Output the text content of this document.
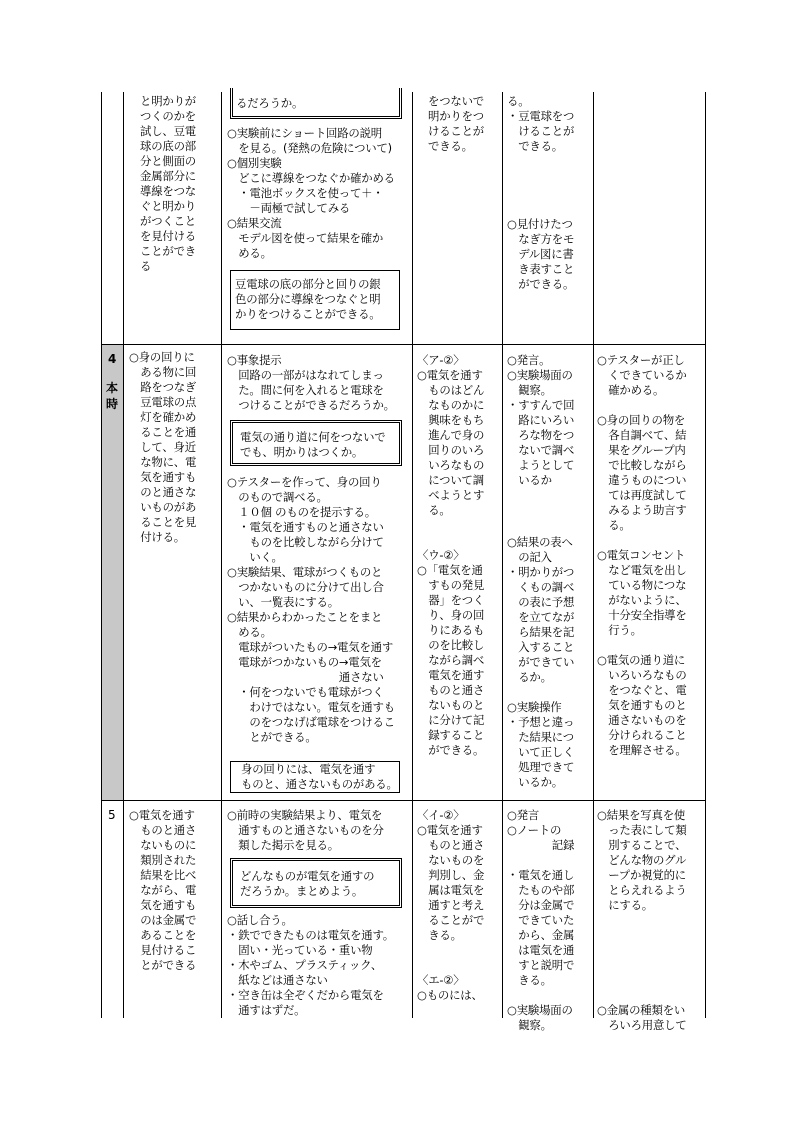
と明かりが
つくのかを
試し、豆電
球の底の部
分と側面の
金属部分に
導線をつな
ぐと明かり
がつくこと
を見付ける
ことができ
る
るだろうか。
○実験前にショート回路の説明
　を見る。(発熱の危険について)
○個別実験
　どこに導線をつなぐか確かめる
　・電池ボックスを使って＋・
　　－両極で試してみる
○結果交流
　モデル図を使って結果を確か
　める。
豆電球の底の部分と回りの銀
色の部分に導線をつなぐと明
かりをつけることができる。
をつないで
明かりをつ
けることが
できる。
る。
・豆電球をつ
　けることが
　できる。
○見付けたつ
　なぎ方をモ
　デル図に書
　き表すこと
　ができる。
4
本時
○身の回りに
　ある物に回
　路をつなぎ
　豆電球の点
　灯を確かめ
　ることを通
　して、身近
　な物に、電
　気を通すも
　のと通さな
　いものがあ
　ることを見
　付ける。
○事象提示
　回路の一部がはなれてしまっ
　た。間に何を入れると電球を
　つけることができるだろうか。
電気の通り道に何をつないで
でも、明かりはつくか。
○テスターを作って、身の回り
　のもので調べる。
　１０個 のものを提示する。
　・電気を通すものと通さない
　　ものを比較しながら分けて
　　いく。
○実験結果、電球がつくものと
　つかないものに分けて出し合
　い、一覧表にする。
○結果からわかったことをまと
　める。
　電球がついたもの→電気を通す
　電球がつかないもの→電気を
　　　　　　　　　　通さない
　・何をつないでも電球がつく
　　わけではない。電気を通すも
　　のをつなげば電球をつけるこ
　　とができる。
身の回りには、電気を通す
ものと、通さないものがある。
〈ア-②〉
○電気を通す
　ものはどん
　なものかに
　興味をもち
　進んで身の
　回りのいろ
　いろなもの
　について調
　べようとす
　る。

〈ウ-②〉
○「電気を通
　すもの発見
　器」をつく
　り、身の回
　りにあるも
　のを比較し
　ながら調べ
　電気を通す
　ものと通さ
　ないものと
　に分けて記
　録すること
　ができる。
○発言。
○実験場面の
　観察。
・すすんで回
　路にいろい
　ろな物をつ
　ないで調べ
　ようとして
　いるか
○結果の表へ
　の記入
・明かりがつ
　くもの調べ
　の表に予想
　を立てなが
　ら結果を記
　入すること
　ができてい
　るか。

○実験操作
・予想と違っ
　た結果につ
　いて正しく
　処理できて
　いるか。
○テスターが正し
　くできているか
　確かめる。

○身の回りの物を
　各自調べて、結
　果をグループ内
　で比較しながら
　違うものについ
　ては再度試して
　みるよう助言す
　る。

○電気コンセント
　など電気を出し
　ている物につな
　がないように、
　十分安全指導を
　行う。

○電気の通り道に
　いろいろなもの
　をつなぐと、電
　気を通すものと
　通さないものを
　分けられること
　を理解させる。
5 ○電気を通す
　ものと通さ
　ないものに
　類別された
　結果を比べ
　ながら、電
　気を通すも
　のは金属で
　あることを
　見付けるこ
　とができる
○前時の実験結果より、電気を
　通すものと通さないものを分
　類した掲示を見る。
どんなものが電気を通すの
だろうか。まとめよう。
○話し合う。
・鉄でできたものは電気を通す。
　固い・光っている・重い物
・木やゴム、プラスティック、
　紙などは通さない
・空き缶は全ぞくだから電気を
　通すはずだ。
〈イ-②〉
○電気を通す
　ものと通さ
　ないものを
　判別し、金
　属は電気を
　通すと考え
　ることがで
　きる。

〈エ-②〉
○ものには、
○発言
○ノートの
　　　　記録

・電気を通し
　たものや部
　分は金属で
　できていた
　から、金属
　は電気を通
　すと説明で
　きる。

○実験場面の
　観察。
○結果を写真を使
　った表にして類
　別することで、
　どんな物のグル
　ープか視覚的に
　とらえれるよう
　にする。

○金属の種類をい
　ろいろ用意して
